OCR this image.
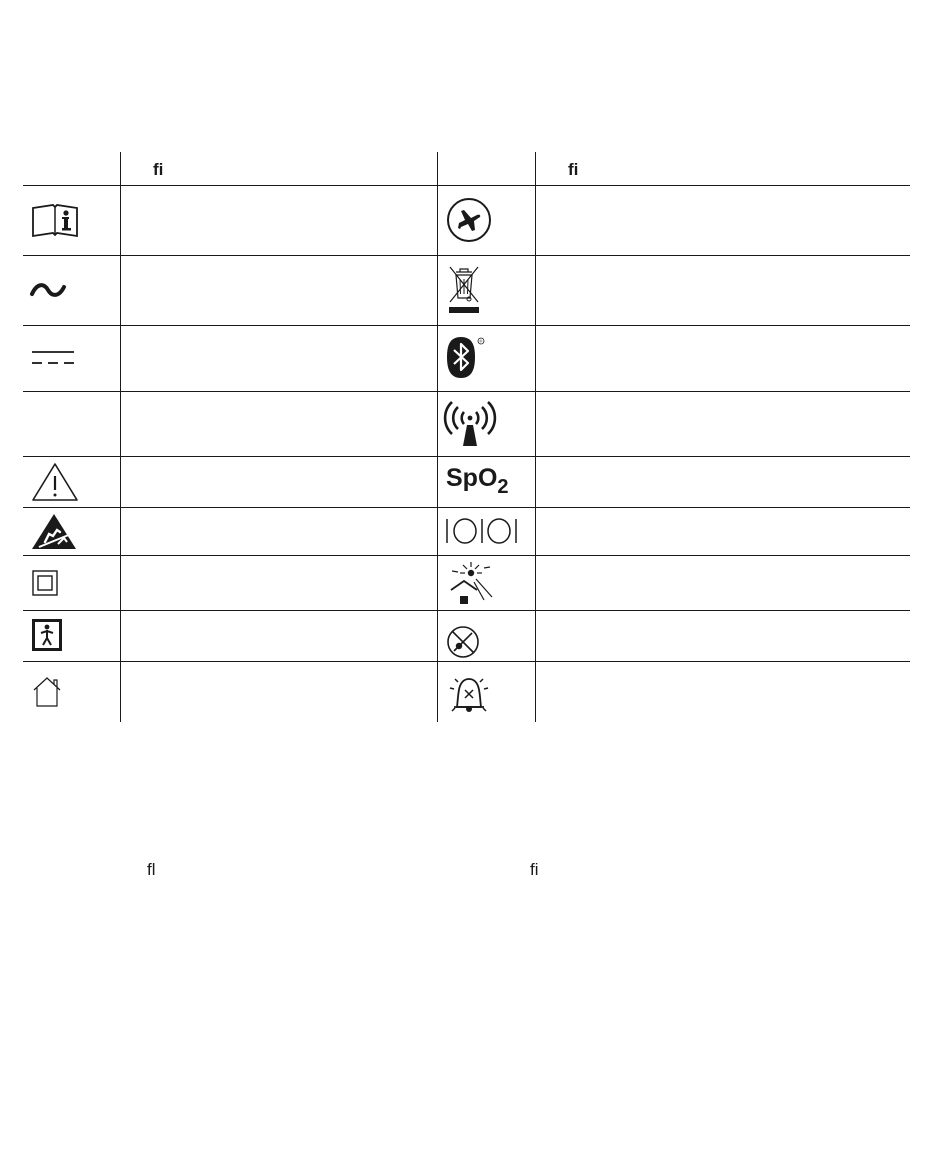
ﬁ	ﬁ
®
SpO$_2$
ﬂ	ﬁ
